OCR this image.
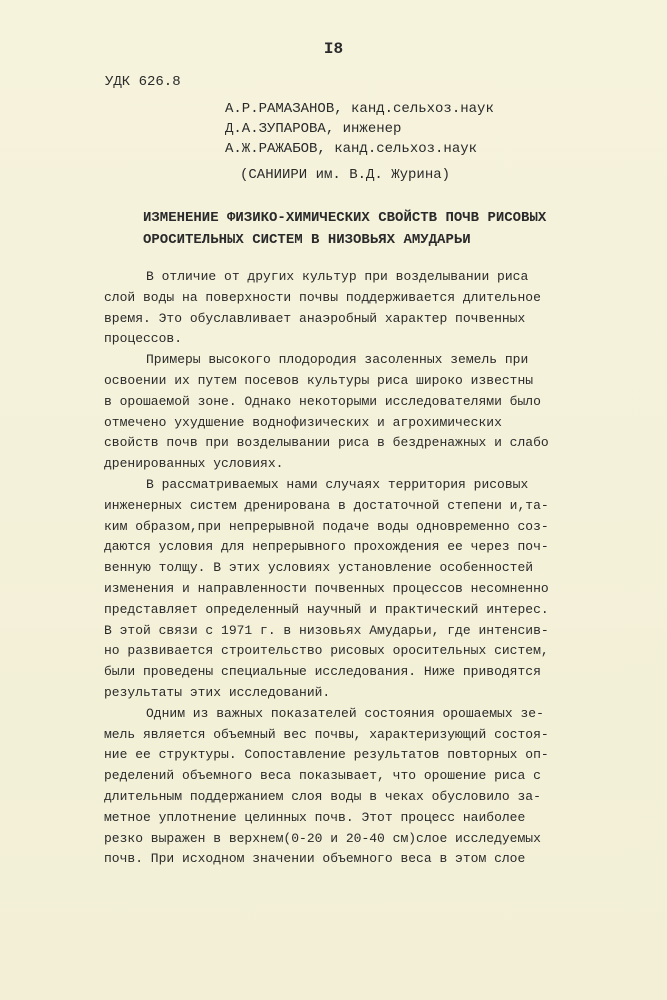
I8
УДК 626.8
А.Р.РАМАЗАНОВ, канд.сельхоз.наук
Д.А.ЗУПАРОВА, инженер
А.Ж.РАЖАБОВ, канд.сельхоз.наук
(САНИИРИ им. В.Д. Журина)
ИЗМЕНЕНИЕ ФИЗИКО-ХИМИЧЕСКИХ СВОЙСТВ ПОЧВ РИСОВЫХ
ОРОСИТЕЛЬНЫХ СИСТЕМ В НИЗОВЬЯХ АМУДАРЬИ
В отличие от других культур при возделывании риса
слой воды на поверхности почвы поддерживается длительное
время. Это обуславливает анаэробный характер почвенных
процессов.
Примеры высокого плодородия засоленных земель при
освоении их путем посевов культуры риса широко известны
в орошаемой зоне. Однако некоторыми исследователями было
отмечено ухудшение воднофизических и агрохимических
свойств почв при возделывании риса в бездренажных и слабо
дренированных условиях.
В рассматриваемых нами случаях территория рисовых
инженерных систем дренирована в достаточной степени и,та-
ким образом,при непрерывной подаче воды одновременно соз-
даются условия для непрерывного прохождения ее через поч-
венную толщу. В этих условиях установление особенностей
изменения и направленности почвенных процессов несомненно
представляет определенный научный и практический интерес.
В этой связи с 1971 г. в низовьях Амударьи, где интенсив-
но развивается строительство рисовых оросительных систем,
были проведены специальные исследования. Ниже приводятся
результаты этих исследований.
Одним из важных показателей состояния орошаемых зе-
мель является объемный вес почвы, характеризующий состоя-
ние ее структуры. Сопоставление результатов повторных оп-
ределений объемного веса показывает, что орошение риса с
длительным поддержанием слоя воды в чеках обусловило за-
метное уплотнение целинных почв. Этот процесс наиболее
резко выражен в верхнем(0-20 и 20-40 см)слое исследуемых
почв. При исходном значении объемного веса в этом слое
